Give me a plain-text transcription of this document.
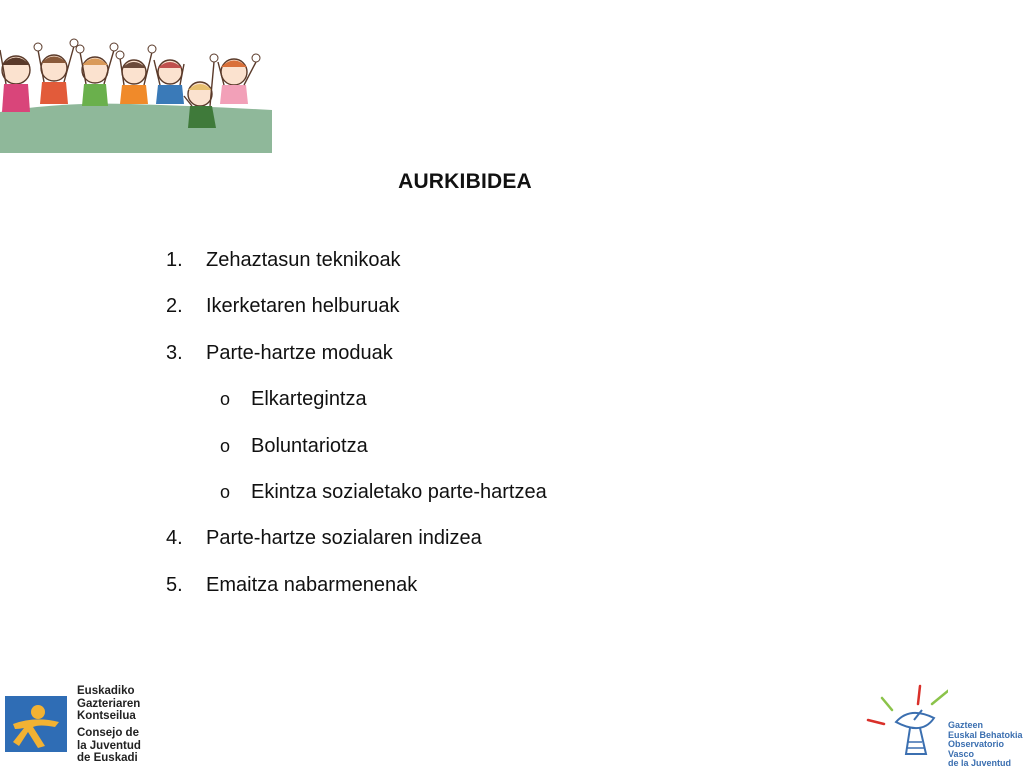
AURKIBIDEA
1.	Zehaztasun teknikoak
2.	Ikerketaren helburuak
3.	Parte-hartze moduak
o	Elkartegintza
o	Boluntariotza
o	Ekintza sozialetako parte-hartzea
4.	Parte-hartze sozialaren indizea
5.	Emaitza nabarmenenak
Euskadiko
Gazteriaren
Kontseilua
Consejo de
la Juventud
de Euskadi
Gazteen
Euskal Behatokia
Observatorio Vasco
de la Juventud
